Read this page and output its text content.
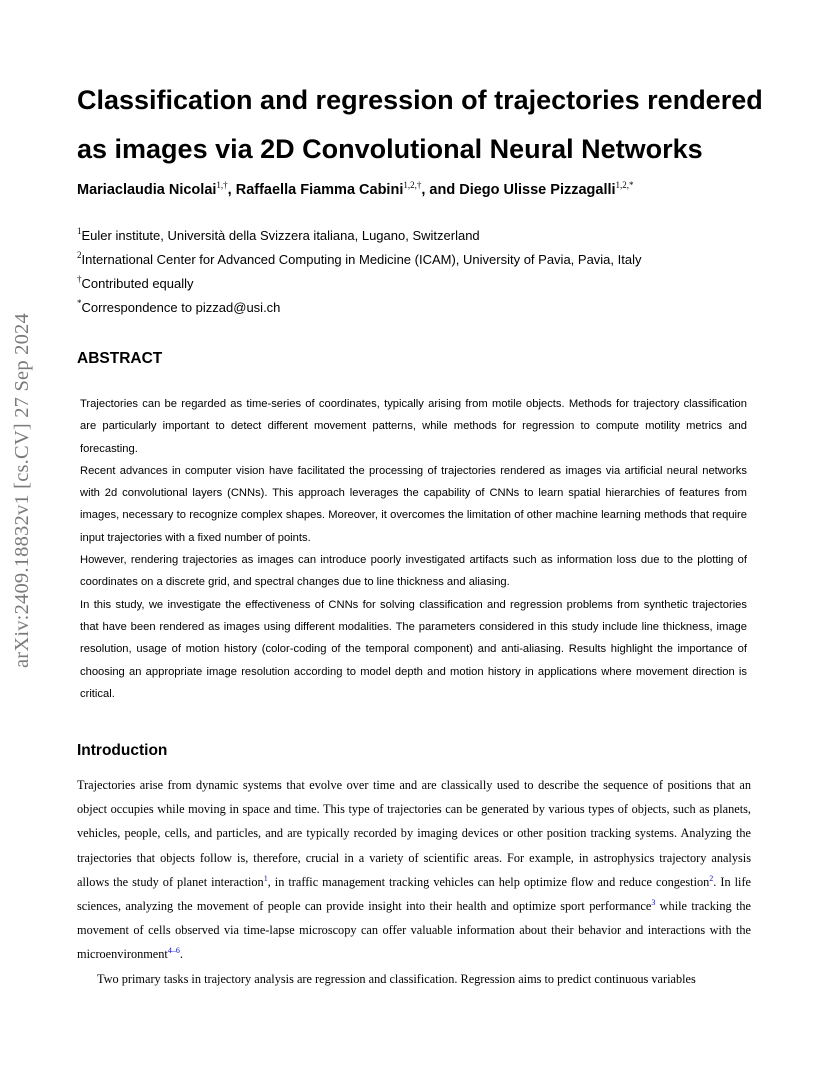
arXiv:2409.18832v1 [cs.CV] 27 Sep 2024
Classification and regression of trajectories rendered as images via 2D Convolutional Neural Networks
Mariaclaudia Nicolai$^{1,\dagger}$, Raffaella Fiamma Cabini$^{1,2,\dagger}$, and Diego Ulisse Pizzagalli$^{1,2,*}$
$^1$Euler institute, Università della Svizzera italiana, Lugano, Switzerland
$^2$International Center for Advanced Computing in Medicine (ICAM), University of Pavia, Pavia, Italy
†Contributed equally
*Correspondence to pizzad@usi.ch
ABSTRACT

Trajectories can be regarded as time-series of coordinates, typically arising from motile objects. Methods for trajectory classification are particularly important to detect different movement patterns, while methods for regression to compute motility metrics and forecasting.

Recent advances in computer vision have facilitated the processing of trajectories rendered as images via artificial neural networks with 2d convolutional layers (CNNs). This approach leverages the capability of CNNs to learn spatial hierarchies of features from images, necessary to recognize complex shapes. Moreover, it overcomes the limitation of other machine learning methods that require input trajectories with a fixed number of points.

However, rendering trajectories as images can introduce poorly investigated artifacts such as information loss due to the plotting of coordinates on a discrete grid, and spectral changes due to line thickness and aliasing.

In this study, we investigate the effectiveness of CNNs for solving classification and regression problems from synthetic trajectories that have been rendered as images using different modalities. The parameters considered in this study include line thickness, image resolution, usage of motion history (color-coding of the temporal component) and anti-aliasing. Results highlight the importance of choosing an appropriate image resolution according to model depth and motion history in applications where movement direction is critical.

Introduction

Trajectories arise from dynamic systems that evolve over time and are classically used to describe the sequence of positions that an object occupies while moving in space and time. This type of trajectories can be generated by various types of objects, such as planets, vehicles, people, cells, and particles, and are typically recorded by imaging devices or other position tracking systems. Analyzing the trajectories that objects follow is, therefore, crucial in a variety of scientific areas. For example, in astrophysics trajectory analysis allows the study of planet interaction$^1$, in traffic management tracking vehicles can help optimize flow and reduce congestion$^2$. In life sciences, analyzing the movement of people can provide insight into their health and optimize sport performance$^3$ while tracking the movement of cells observed via time-lapse microscopy can offer valuable information about their behavior and interactions with the microenvironment$^{4-6}$.

Two primary tasks in trajectory analysis are regression and classification. Regression aims to predict continuous variables
